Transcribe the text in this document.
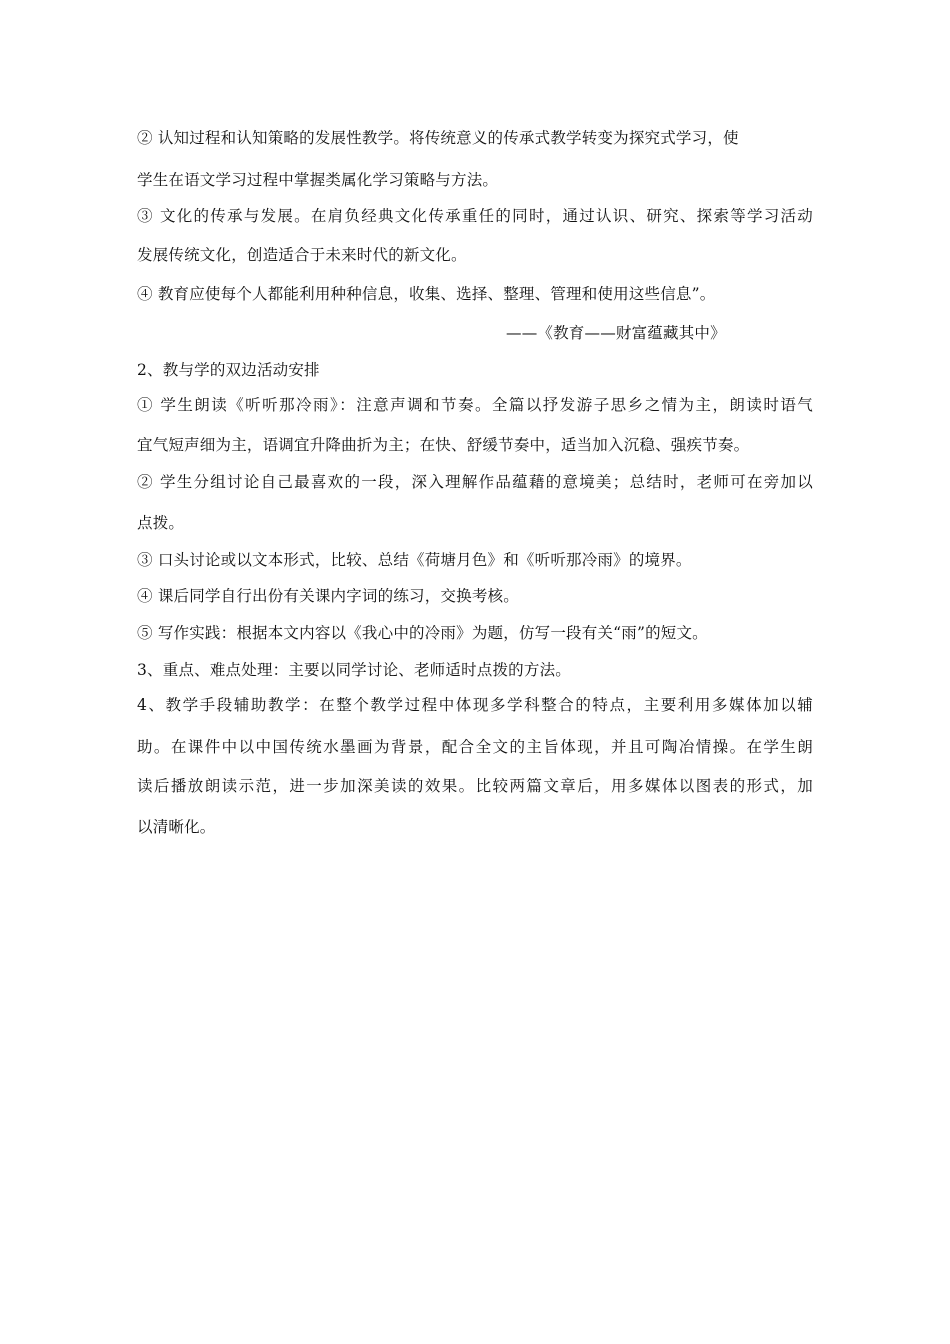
② 认知过程和认知策略的发展性教学。将传统意义的传承式教学转变为探究式学习，使
学生在语文学习过程中掌握类属化学习策略与方法。
③ 文化的传承与发展。在肩负经典文化传承重任的同时，通过认识、研究、探索等学习活动
发展传统文化，创造适合于未来时代的新文化。
④ 教育应使每个人都能利用种种信息，收集、选择、整理、管理和使用这些信息”。
——《教育——财富蕴藏其中》
2、教与学的双边活动安排
① 学生朗读《听听那冷雨》：注意声调和节奏。全篇以抒发游子思乡之情为主，朗读时语气
宜气短声细为主，语调宜升降曲折为主；在快、舒缓节奏中，适当加入沉稳、强疾节奏。
② 学生分组讨论自己最喜欢的一段，深入理解作品蕴藉的意境美；总结时，老师可在旁加以
点拨。
③ 口头讨论或以文本形式，比较、总结《荷塘月色》和《听听那冷雨》的境界。
④ 课后同学自行出份有关课内字词的练习，交换考核。
⑤ 写作实践：根据本文内容以《我心中的冷雨》为题，仿写一段有关“雨”的短文。
3、重点、难点处理：主要以同学讨论、老师适时点拨的方法。
4、教学手段辅助教学：在整个教学过程中体现多学科整合的特点，主要利用多媒体加以辅
助。在课件中以中国传统水墨画为背景，配合全文的主旨体现，并且可陶冶情操。在学生朗
读后播放朗读示范，进一步加深美读的效果。比较两篇文章后，用多媒体以图表的形式，加
以清晰化。
